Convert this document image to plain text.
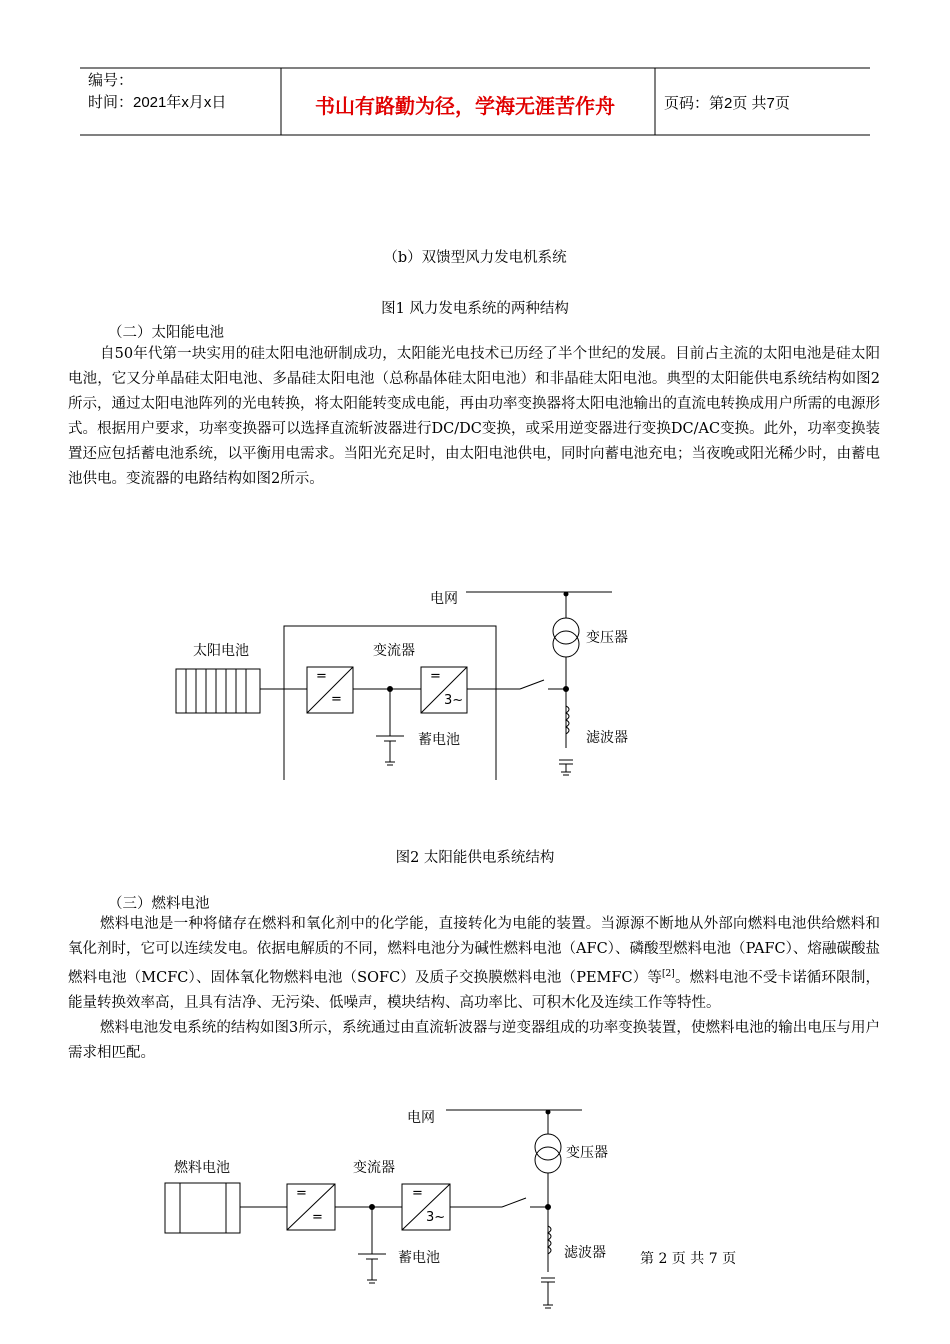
编号：
时间：2021年x月x日	书山有路勤为径，学海无涯苦作舟	页码：第2页 共7页
（b）双馈型风力发电机系统
图1 风力发电系统的两种结构
（二）太阳能电池

自50年代第一块实用的硅太阳电池研制成功，太阳能光电技术已历经了半个世纪的发展。目前占主流的太阳电池是硅太阳电池，它又分单晶硅太阳电池、多晶硅太阳电池（总称晶体硅太阳电池）和非晶硅太阳电池。典型的太阳能供电系统结构如图2所示，通过太阳电池阵列的光电转换，将太阳能转变成电能，再由功率变换器将太阳电池输出的直流电转换成用户所需的电源形式。根据用户要求，功率变换器可以选择直流斩波器进行DC/DC变换，或采用逆变器进行变换DC/AC变换。此外，功率变换装置还应包括蓄电池系统，以平衡用电需求。当阳光充足时，由太阳电池供电，同时向蓄电池充电；当夜晚或阳光稀少时，由蓄电池供电。变流器的电路结构如图2所示。

电网
变压器
太阳电池	变流器
=
=
=
3~
蓄电池	滤波器
图2 太阳能供电系统结构
（三）燃料电池

燃料电池是一种将储存在燃料和氧化剂中的化学能，直接转化为电能的装置。当源源不断地从外部向燃料电池供给燃料和氧化剂时，它可以连续发电。依据电解质的不同，燃料电池分为碱性燃料电池（AFC）、磷酸型燃料电池（PAFC）、熔融碳酸盐燃料电池（MCFC）、固体氧化物燃料电池（SOFC）及质子交换膜燃料电池（PEMFC）等[2]。燃料电池不受卡诺循环限制，能量转换效率高，且具有洁净、无污染、低噪声，模块结构、高功率比、可积木化及连续工作等特性。

燃料电池发电系统的结构如图3所示，系统通过由直流斩波器与逆变器组成的功率变换装置，使燃料电池的输出电压与用户需求相匹配。

电网
变压器
燃料电池	变流器
=
=
=
3~
蓄电池	滤波器 第 2 页 共 7 页
